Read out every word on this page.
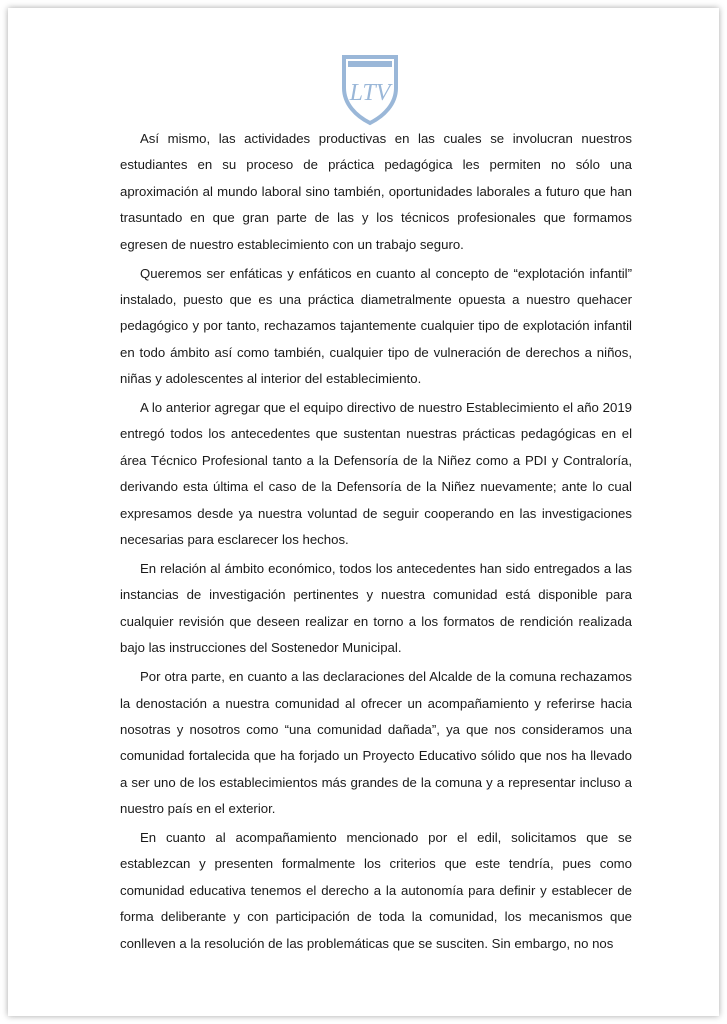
LTV

Así mismo, las actividades productivas en las cuales se involucran nuestros estudiantes en su proceso de práctica pedagógica les permiten no sólo una aproximación al mundo laboral sino también, oportunidades laborales a futuro que han trasuntado en que gran parte de las y los técnicos profesionales que formamos egresen de nuestro establecimiento con un trabajo seguro.

Queremos ser enfáticas y enfáticos en cuanto al concepto de “explotación infantil” instalado, puesto que es una práctica diametralmente opuesta a nuestro quehacer pedagógico y por tanto, rechazamos tajantemente cualquier tipo de explotación infantil en todo ámbito así como también, cualquier tipo de vulneración de derechos a niños, niñas y adolescentes al interior del establecimiento.

A lo anterior agregar que el equipo directivo de nuestro Establecimiento el año 2019 entregó todos los antecedentes que sustentan nuestras prácticas pedagógicas en el área Técnico Profesional tanto a la Defensoría de la Niñez como a PDI y Contraloría, derivando esta última el caso de la Defensoría de la Niñez nuevamente; ante lo cual expresamos desde ya nuestra voluntad de seguir cooperando en las investigaciones necesarias para esclarecer los hechos.

En relación al ámbito económico, todos los antecedentes han sido entregados a las instancias de investigación pertinentes y nuestra comunidad está disponible para cualquier revisión que deseen realizar en torno a los formatos de rendición realizada bajo las instrucciones del Sostenedor Municipal.

Por otra parte, en cuanto a las declaraciones del Alcalde de la comuna rechazamos la denostación a nuestra comunidad al ofrecer un acompañamiento y referirse hacia nosotras y nosotros como “una comunidad dañada”, ya que nos consideramos una comunidad fortalecida que ha forjado un Proyecto Educativo sólido que nos ha llevado a ser uno de los establecimientos más grandes de la comuna y a representar incluso a nuestro país en el exterior.

En cuanto al acompañamiento mencionado por el edil, solicitamos que se establezcan y presenten formalmente los criterios que este tendría, pues como comunidad educativa tenemos el derecho a la autonomía para definir y establecer de forma deliberante y con participación de toda la comunidad, los mecanismos que conlleven a la resolución de las problemáticas que se susciten. Sin embargo, no nos
